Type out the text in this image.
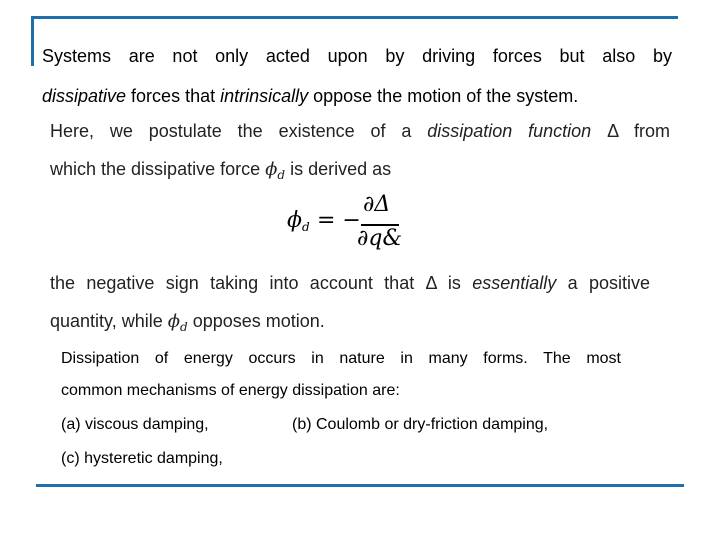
Systems are not only acted upon by driving forces but also by
dissipative forces that intrinsically oppose the motion of the system.
Here, we postulate the existence of a dissipation function Δ from
which the dissipative force $\phi_d$ is derived as
$\phi_d$ = −
∂Δ
∂q&
the negative sign taking into account that Δ is essentially a positive
quantity, while $\phi_d$ opposes motion.
Dissipation of energy occurs in nature in many forms. The most
common mechanisms of energy dissipation are:
(a) viscous damping,	(b) Coulomb or dry-friction damping,
(c) hysteretic damping,
